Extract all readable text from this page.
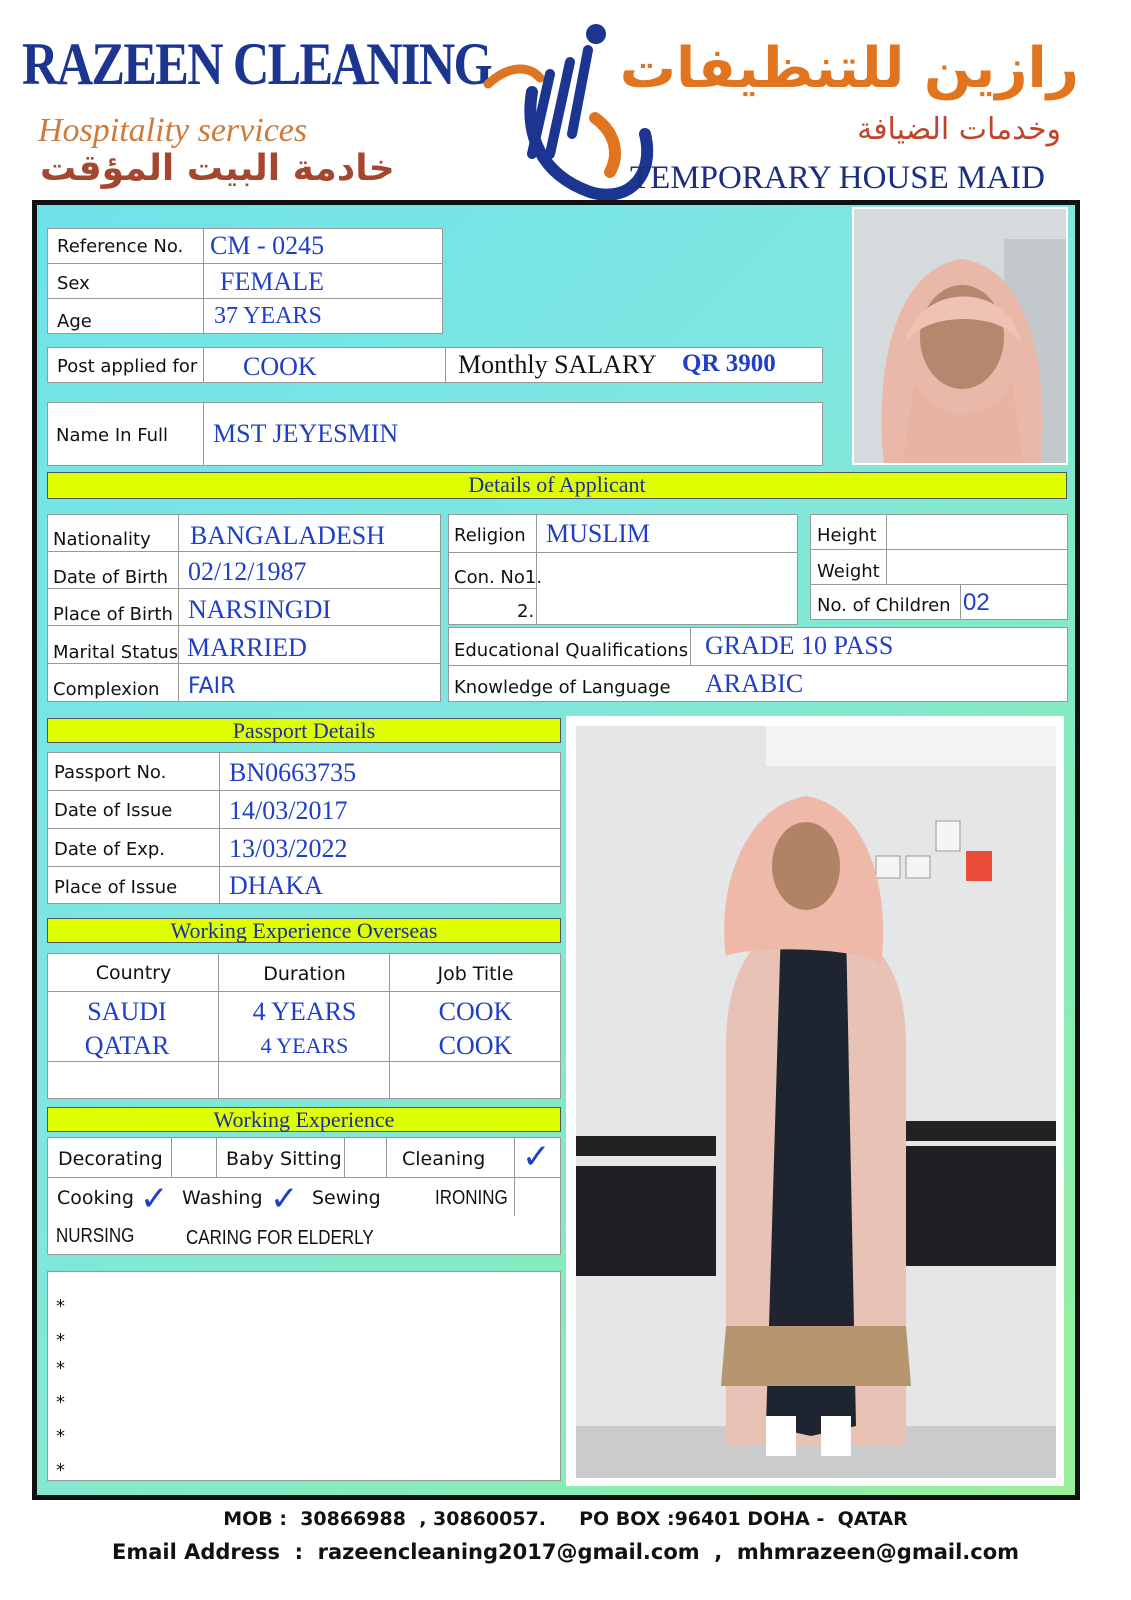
RAZEEN CLEANING
Hospitality services
خادمة البيت المؤقت
رازين للتنظيفات
وخدمات الضيافة
TEMPORARY HOUSE MAID
Reference No. CM - 0245
Sex	FEMALE
Age	37 YEARS
Post applied for COOK	Monthly SALARY QR 3900
Name In Full MST JEYESMIN
Details of Applicant
Nationality BANGALADESH
Date of Birth 02/12/1987
Place of Birth NARSINGDI
Marital Status MARRIED
Complexion FAIR
Religion MUSLIM
Con. No1.
2.
Height
Weight
No. of Children 02
Educational Qualifications GRADE 10 PASS
Knowledge of Language ARABIC
Passport Details
Passport No. BN0663735
Date of Issue 14/03/2017
Date of Exp. 13/03/2022
Place of Issue DHAKA
Working Experience Overseas
Country	Duration	Job Title
SAUDI	4 YEARS	COOK
QATAR	4 YEARS	COOK
Working Experience
Decorating	Baby Sitting	Cleaning ✓
Cooking ✓ Washing ✓ Sewing	IRONING
NURSING	CARING FOR ELDERLY
*
*
*
*
*
*
MOB :  30866988  , 30860057.     PO BOX :96401 DOHA -  QATAR
Email Address  :  razeencleaning2017@gmail.com  ,  mhmrazeen@gmail.com
